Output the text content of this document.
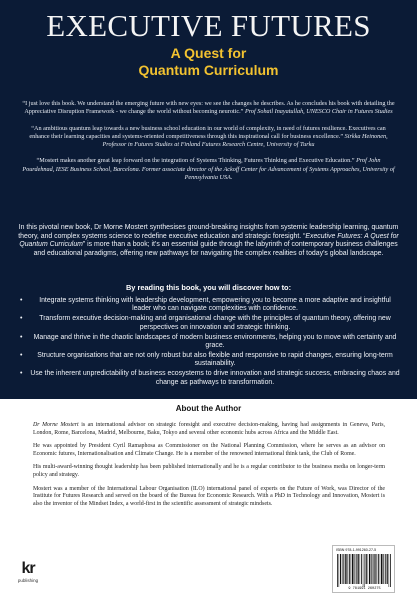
EXECUTIVE FUTURES
A Quest for
Quantum Curriculum

“I just love this book. We understand the emerging future with new eyes: we see the changes he describes. As he concludes his book with detailing the Appreciative Disruption Framework - we change the world without becoming neurotic.” Prof Sohail Inayatullah, UNESCO Chair in Futures Studies

“An ambitious quantum leap towards a new business school education in our world of complexity, in need of futures resilience. Executives can enhance their learning capacities and systems-oriented competitiveness through this inspirational call for business excellence.” Sirkka Heinonen, Professor in Futures Studies at Finland Futures Research Centre, University of Turku

“Mostert makes another great leap forward on the integration of Systems Thinking, Futures Thinking and Executive Education.” Prof John Pourdehnad, IESE Business School, Barcelona. Former associate director of the Ackoff Center for Advancement of Systems Approaches, University of Pennsylvania USA.

In this pivotal new book, Dr Morne Mostert synthesises ground-breaking insights from systemic leadership learning, quantum theory, and complex systems science to redefine executive education and strategic foresight. “Executive Futures: A Quest for Quantum Curriculum” is more than a book; it’s an essential guide through the labyrinth of contemporary business challenges and educational paradigms, offering new pathways for navigating the complex realities of today’s global landscape.

By reading this book, you will discover how to:
• Integrate systems thinking with leadership development, empowering you to become a more adaptive and insightful leader who can navigate complexities with confidence.
• Transform executive decision-making and organisational change with the principles of quantum theory, offering new perspectives on innovation and strategic thinking.
• Manage and thrive in the chaotic landscapes of modern business environments, helping you to move with certainty and grace.
• Structure organisations that are not only robust but also flexible and responsive to rapid changes, ensuring long-term sustainability.
• Use the inherent unpredictability of business ecosystems to drive innovation and strategic success, embracing chaos and change as pathways to transformation.
About the Author

Dr Morne Mostert is an international advisor on strategic foresight and executive decision-making, having had assignments in Geneva, Paris, London, Rome, Barcelona, Madrid, Melbourne, Baku, Tokyo and several other economic hubs across Africa and the Middle East.

He was appointed by President Cyril Ramaphosa as Commissioner on the National Planning Commission, where he serves as an advisor on Economic futures, Internationalisation and Climate Change. He is a member of the renowned international think tank, the Club of Rome.

His multi-award-winning thought leadership has been published internationally and he is a regular contributor to the business media on longer-term policy and strategy.

Mostert was a member of the International Labour Organisation (ILO) international panel of experts on the Future of Work, was Director of the Institute for Futures Research and served on the board of the Bureau for Economic Research. With a PhD in Technology and Innovation, Mostert is also the inventor of the Mindset Index, a world-first in the scientific assessment of strategic mindsets.

kr
publishing
ISBN 978-1-991260-27-5
9 781991 260275
